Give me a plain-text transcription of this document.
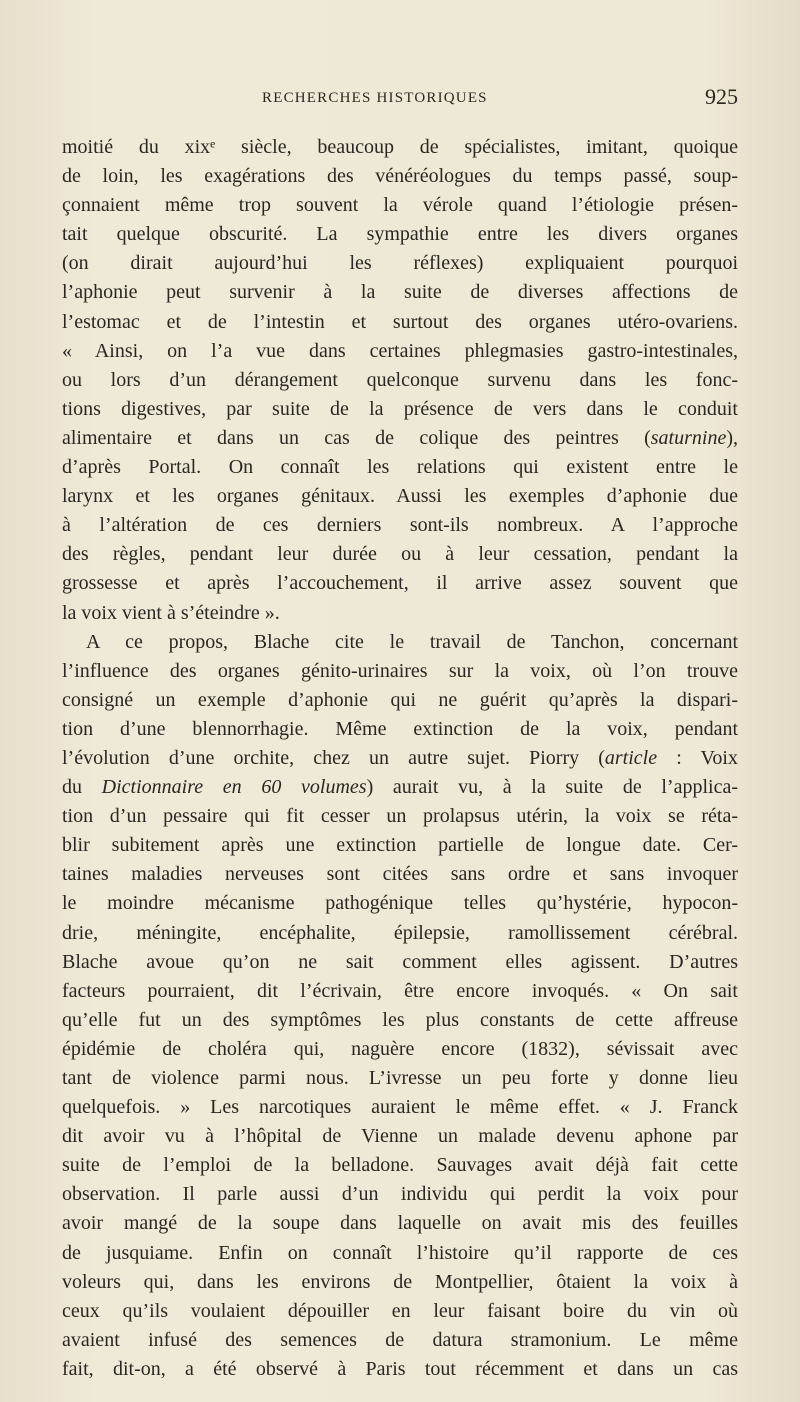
RECHERCHES HISTORIQUES	925
moitié du xixᵉ siècle, beaucoup de spécialistes, imitant, quoique
de loin, les exagérations des vénéréologues du temps passé, soup-
çonnaient même trop souvent la vérole quand l’étiologie présen-
tait quelque obscurité. La sympathie entre les divers organes
(on dirait aujourd’hui les réflexes) expliquaient pourquoi
l’aphonie peut survenir à la suite de diverses affections de
l’estomac et de l’intestin et surtout des organes utéro-ovariens.
« Ainsi, on l’a vue dans certaines phlegmasies gastro-intestinales,
ou lors d’un dérangement quelconque survenu dans les fonc-
tions digestives, par suite de la présence de vers dans le conduit
alimentaire et dans un cas de colique des peintres (saturnine),
d’après Portal. On connaît les relations qui existent entre le
larynx et les organes génitaux. Aussi les exemples d’aphonie due
à l’altération de ces derniers sont-ils nombreux. A l’approche
des règles, pendant leur durée ou à leur cessation, pendant la
grossesse et après l’accouchement, il arrive assez souvent que
la voix vient à s’éteindre ».
A ce propos, Blache cite le travail de Tanchon, concernant
l’influence des organes génito-urinaires sur la voix, où l’on trouve
consigné un exemple d’aphonie qui ne guérit qu’après la dispari-
tion d’une blennorrhagie. Même extinction de la voix, pendant
l’évolution d’une orchite, chez un autre sujet. Piorry (article : Voix
du Dictionnaire en 60 volumes) aurait vu, à la suite de l’applica-
tion d’un pessaire qui fit cesser un prolapsus utérin, la voix se réta-
blir subitement après une extinction partielle de longue date. Cer-
taines maladies nerveuses sont citées sans ordre et sans invoquer
le moindre mécanisme pathogénique telles qu’hystérie, hypocon-
drie, méningite, encéphalite, épilepsie, ramollissement cérébral.
Blache avoue qu’on ne sait comment elles agissent. D’autres
facteurs pourraient, dit l’écrivain, être encore invoqués. « On sait
qu’elle fut un des symptômes les plus constants de cette affreuse
épidémie de choléra qui, naguère encore (1832), sévissait avec
tant de violence parmi nous. L’ivresse un peu forte y donne lieu
quelquefois. » Les narcotiques auraient le même effet. « J. Franck
dit avoir vu à l’hôpital de Vienne un malade devenu aphone par
suite de l’emploi de la belladone. Sauvages avait déjà fait cette
observation. Il parle aussi d’un individu qui perdit la voix pour
avoir mangé de la soupe dans laquelle on avait mis des feuilles
de jusquiame. Enfin on connaît l’histoire qu’il rapporte de ces
voleurs qui, dans les environs de Montpellier, ôtaient la voix à
ceux qu’ils voulaient dépouiller en leur faisant boire du vin où
avaient infusé des semences de datura stramonium. Le même
fait, dit-on, a été observé à Paris tout récemment et dans un cas
